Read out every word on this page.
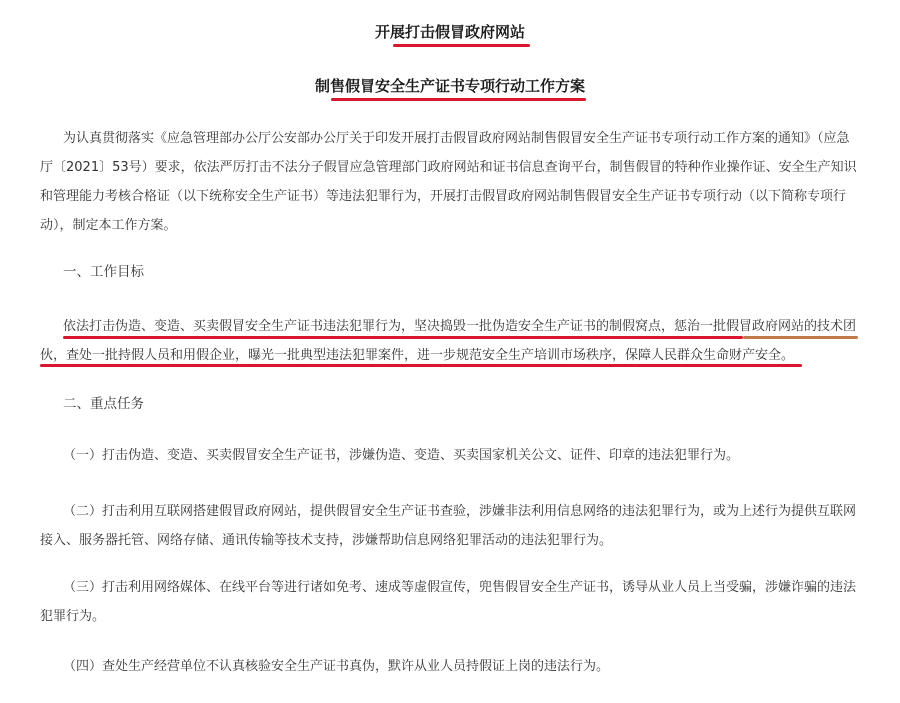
开展打击假冒政府网站
制售假冒安全生产证书专项行动工作方案
为认真贯彻落实《应急管理部办公厅公安部办公厅关于印发开展打击假冒政府网站制售假冒安全生产证书专项行动工作方案的通知》（应急厅〔2021〕53号）要求，依法严厉打击不法分子假冒应急管理部门政府网站和证书信息查询平台，制售假冒的特种作业操作证、安全生产知识和管理能力考核合格证（以下统称安全生产证书）等违法犯罪行为，开展打击假冒政府网站制售假冒安全生产证书专项行动（以下简称专项行动），制定本工作方案。
一、工作目标
依法打击伪造、变造、买卖假冒安全生产证书违法犯罪行为，坚决捣毁一批伪造安全生产证书的制假窝点，惩治一批假冒政府网站的技术团伙，查处一批持假人员和用假企业，曝光一批典型违法犯罪案件，进一步规范安全生产培训市场秩序，保障人民群众生命财产安全。
二、重点任务
（一）打击伪造、变造、买卖假冒安全生产证书，涉嫌伪造、变造、买卖国家机关公文、证件、印章的违法犯罪行为。
（二）打击利用互联网搭建假冒政府网站，提供假冒安全生产证书查验，涉嫌非法利用信息网络的违法犯罪行为，或为上述行为提供互联网接入、服务器托管、网络存储、通讯传输等技术支持，涉嫌帮助信息网络犯罪活动的违法犯罪行为。
（三）打击利用网络媒体、在线平台等进行诸如免考、速成等虚假宣传，兜售假冒安全生产证书，诱导从业人员上当受骗，涉嫌诈骗的违法犯罪行为。
（四）查处生产经营单位不认真核验安全生产证书真伪，默许从业人员持假证上岗的违法行为。
